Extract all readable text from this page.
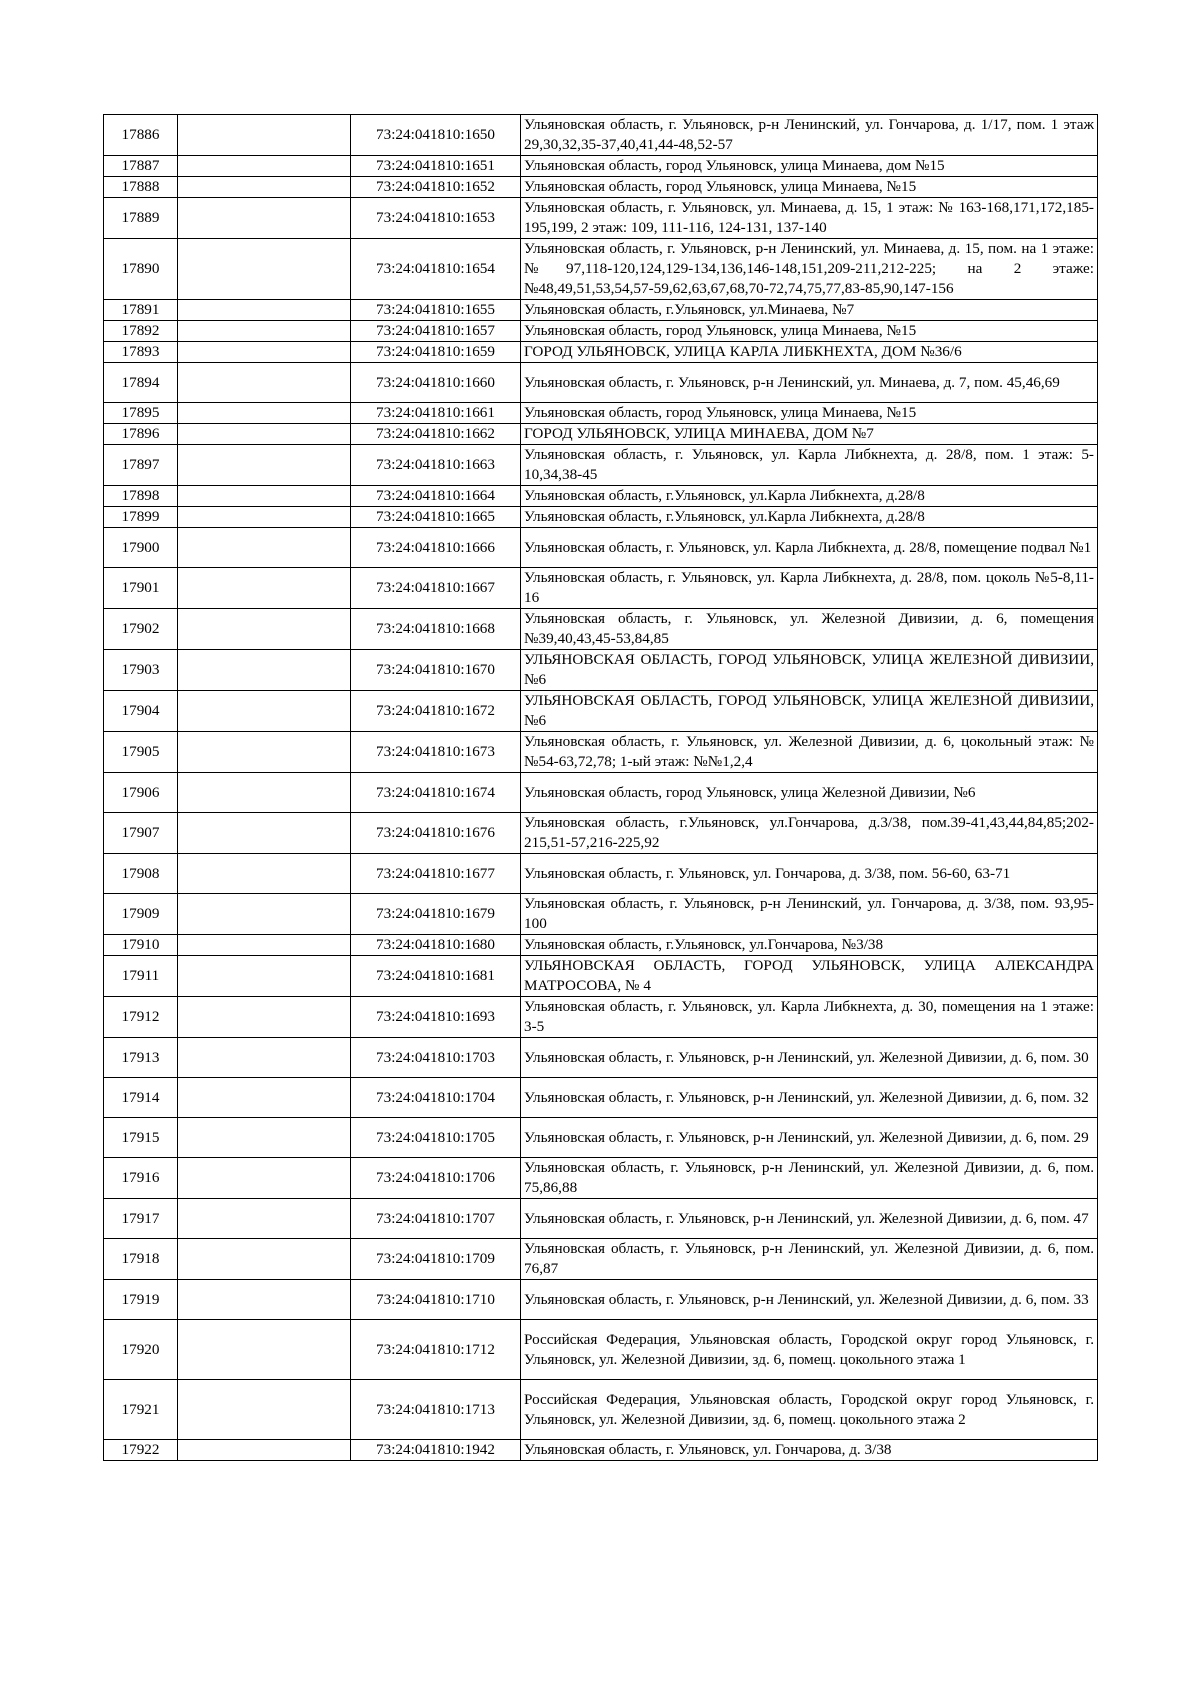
17886		73:24:041810:1650	Ульяновская область, г. Ульяновск, р-н Ленинский, ул. Гончарова, д. 1/17, пом. 1 этаж 29,30,32,35-37,40,41,44-48,52-57
17887		73:24:041810:1651	Ульяновская область, город Ульяновск, улица Минаева, дом №15
17888		73:24:041810:1652	Ульяновская область, город Ульяновск, улица Минаева, №15
17889		73:24:041810:1653	Ульяновская область, г. Ульяновск, ул. Минаева, д. 15, 1 этаж: № 163-168,171,172,185-195,199, 2 этаж: 109, 111-116, 124-131, 137-140
17890		73:24:041810:1654	Ульяновская область, г. Ульяновск, р-н Ленинский, ул. Минаева, д. 15, пом. на 1 этаже: №97,118-120,124,129-134,136,146-148,151,209-211,212-225; на 2 этаже: №48,49,51,53,54,57-59,62,63,67,68,70-72,74,75,77,83-85,90,147-156
17891		73:24:041810:1655	Ульяновская область, г.Ульяновск, ул.Минаева, №7
17892		73:24:041810:1657	Ульяновская область, город Ульяновск, улица Минаева, №15
17893		73:24:041810:1659	ГОРОД УЛЬЯНОВСК, УЛИЦА КАРЛА ЛИБКНЕХТА, ДОМ №36/6
17894		73:24:041810:1660	Ульяновская область, г. Ульяновск, р-н Ленинский, ул. Минаева, д. 7, пом. 45,46,69
17895		73:24:041810:1661	Ульяновская область, город Ульяновск, улица Минаева, №15
17896		73:24:041810:1662	ГОРОД УЛЬЯНОВСК, УЛИЦА МИНАЕВА, ДОМ №7
17897		73:24:041810:1663	Ульяновская область, г. Ульяновск, ул. Карла Либкнехта, д. 28/8, пом. 1 этаж: 5-10,34,38-45
17898		73:24:041810:1664	Ульяновская область, г.Ульяновск, ул.Карла Либкнехта, д.28/8
17899		73:24:041810:1665	Ульяновская область, г.Ульяновск, ул.Карла Либкнехта, д.28/8
17900		73:24:041810:1666	Ульяновская область, г. Ульяновск, ул. Карла Либкнехта, д. 28/8, помещение подвал №1
17901		73:24:041810:1667	Ульяновская область, г. Ульяновск, ул. Карла Либкнехта, д. 28/8, пом. цоколь №5-8,11-16
17902		73:24:041810:1668	Ульяновская область, г. Ульяновск, ул. Железной Дивизии, д. 6, помещения №39,40,43,45-53,84,85
17903		73:24:041810:1670	УЛЬЯНОВСКАЯ ОБЛАСТЬ, ГОРОД УЛЬЯНОВСК, УЛИЦА ЖЕЛЕЗНОЙ ДИВИЗИИ, №6
17904		73:24:041810:1672	УЛЬЯНОВСКАЯ ОБЛАСТЬ, ГОРОД УЛЬЯНОВСК, УЛИЦА ЖЕЛЕЗНОЙ ДИВИЗИИ, №6
17905		73:24:041810:1673	Ульяновская область, г. Ульяновск, ул. Железной Дивизии, д. 6, цокольный этаж: №№54-63,72,78; 1-ый этаж: №№1,2,4
17906		73:24:041810:1674	Ульяновская область, город Ульяновск, улица Железной Дивизии, №6
17907		73:24:041810:1676	Ульяновская область, г.Ульяновск, ул.Гончарова, д.3/38, пом.39-41,43,44,84,85;202-215,51-57,216-225,92
17908		73:24:041810:1677	Ульяновская область, г. Ульяновск, ул. Гончарова, д. 3/38, пом. 56-60, 63-71
17909		73:24:041810:1679	Ульяновская область, г. Ульяновск, р-н Ленинский, ул. Гончарова, д. 3/38, пом. 93,95-100
17910		73:24:041810:1680	Ульяновская область, г.Ульяновск, ул.Гончарова, №3/38
17911		73:24:041810:1681	УЛЬЯНОВСКАЯ ОБЛАСТЬ, ГОРОД УЛЬЯНОВСК, УЛИЦА АЛЕКСАНДРА МАТРОСОВА, № 4
17912		73:24:041810:1693	Ульяновская область, г. Ульяновск, ул. Карла Либкнехта, д. 30, помещения на 1 этаже: 3-5
17913		73:24:041810:1703	Ульяновская область, г. Ульяновск, р-н Ленинский, ул. Железной Дивизии, д. 6, пом. 30
17914		73:24:041810:1704	Ульяновская область, г. Ульяновск, р-н Ленинский, ул. Железной Дивизии, д. 6, пом. 32
17915		73:24:041810:1705	Ульяновская область, г. Ульяновск, р-н Ленинский, ул. Железной Дивизии, д. 6, пом. 29
17916		73:24:041810:1706	Ульяновская область, г. Ульяновск, р-н Ленинский, ул. Железной Дивизии, д. 6, пом. 75,86,88
17917		73:24:041810:1707	Ульяновская область, г. Ульяновск, р-н Ленинский, ул. Железной Дивизии, д. 6, пом. 47
17918		73:24:041810:1709	Ульяновская область, г. Ульяновск, р-н Ленинский, ул. Железной Дивизии, д. 6, пом. 76,87
17919		73:24:041810:1710	Ульяновская область, г. Ульяновск, р-н Ленинский, ул. Железной Дивизии, д. 6, пом. 33
17920		73:24:041810:1712	Российская Федерация, Ульяновская область, Городской округ город Ульяновск, г. Ульяновск, ул. Железной Дивизии, зд. 6, помещ. цокольного этажа 1
17921		73:24:041810:1713	Российская Федерация, Ульяновская область, Городской округ город Ульяновск, г. Ульяновск, ул. Железной Дивизии, зд. 6, помещ. цокольного этажа 2
17922		73:24:041810:1942	Ульяновская область, г. Ульяновск, ул. Гончарова, д. 3/38
